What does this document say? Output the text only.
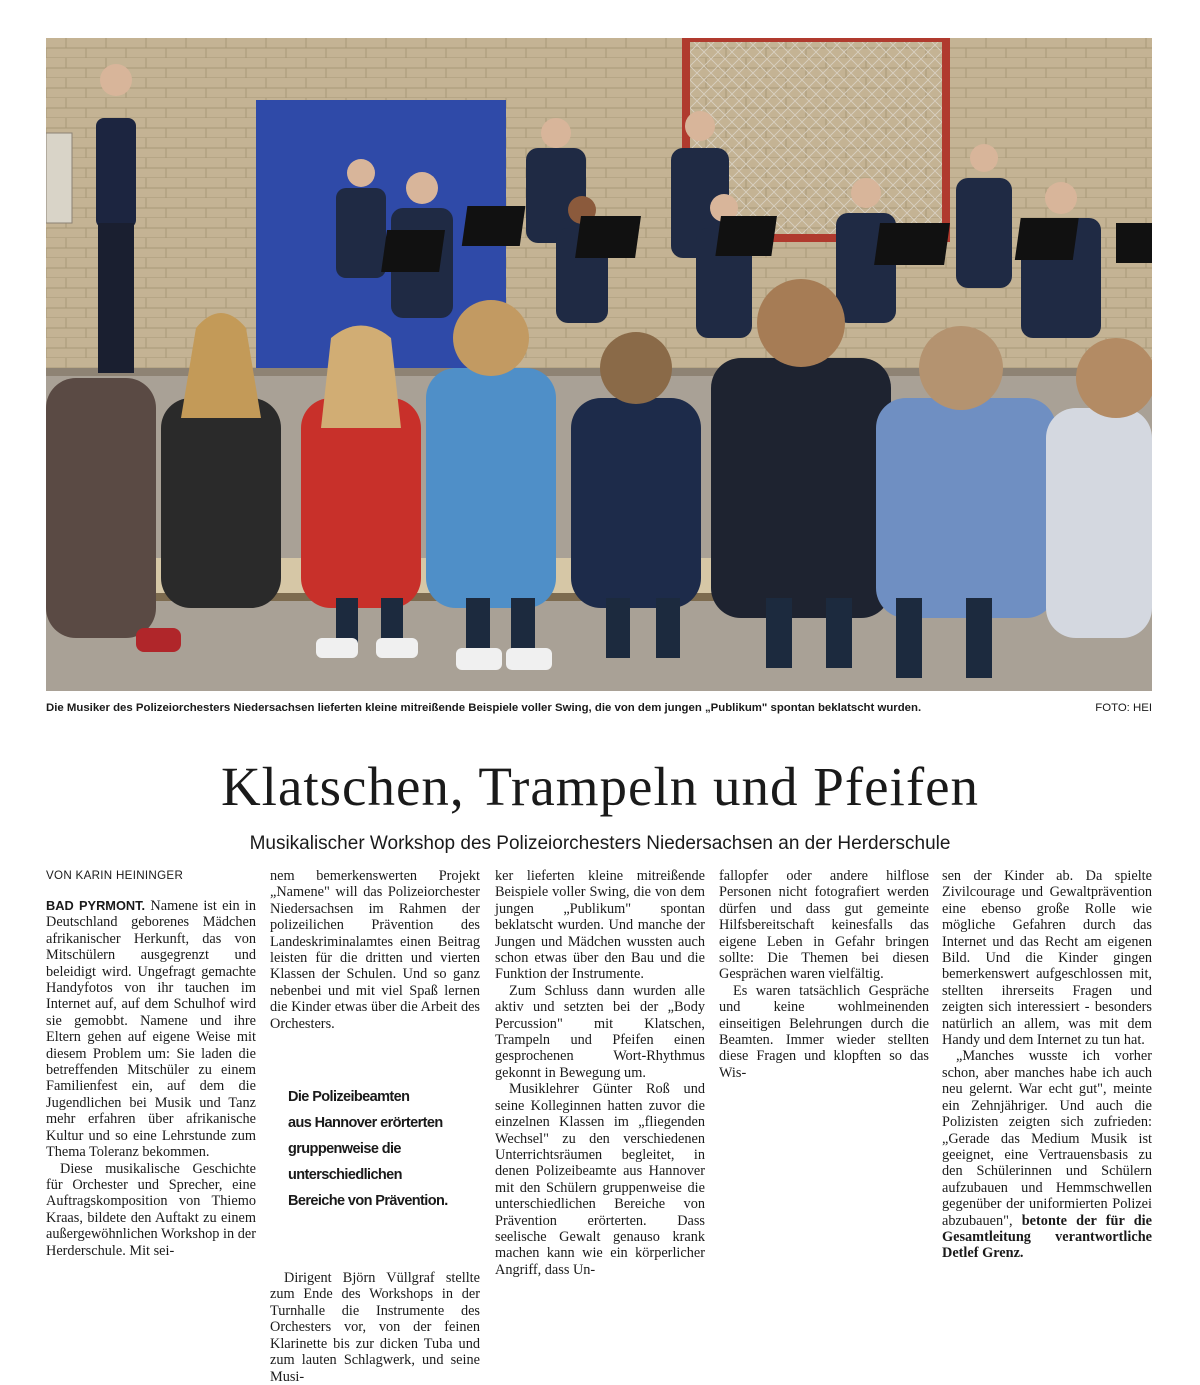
Die Musiker des Polizeiorchesters Niedersachsen lieferten kleine mitreißende Beispiele voller Swing, die von dem jungen „Publikum" spontan beklatscht wurden.	FOTO: HEI
Klatschen, Trampeln und Pfeifen
Musikalischer Workshop des Polizeiorchesters Niedersachsen an der Herderschule
VON KARIN HEININGER

BAD PYRMONT. Namene ist ein in Deutschland geborenes Mädchen afrikanischer Herkunft, das von Mitschülern ausgegrenzt und beleidigt wird. Ungefragt gemachte Handyfotos von ihr tauchen im Internet auf, auf dem Schulhof wird sie gemobbt. Namene und ihre Eltern gehen auf eigene Weise mit diesem Problem um: Sie laden die betreffenden Mitschüler zu einem Familienfest ein, auf dem die Jugendlichen bei Musik und Tanz mehr erfahren über afrikanische Kultur und so eine Lehrstunde zum Thema Toleranz bekommen.

Diese musikalische Geschichte für Orchester und Sprecher, eine Auftragskomposition von Thiemo Kraas, bildete den Auftakt zu einem außergewöhnlichen Workshop in der Herderschule. Mit sei-

nem bemerkenswerten Projekt „Namene" will das Polizeiorchester Niedersachsen im Rahmen der polizeilichen Prävention des Landeskriminalamtes einen Beitrag leisten für die dritten und vierten Klassen der Schulen. Und so ganz nebenbei und mit viel Spaß lernen die Kinder etwas über die Arbeit des Orchesters.

Die Polizeibeamten
aus Hannover erörterten
gruppenweise die
unterschiedlichen
Bereiche von Prävention.

Dirigent Björn Vüllgraf stellte zum Ende des Workshops in der Turnhalle die Instrumente des Orchesters vor, von der feinen Klarinette bis zur dicken Tuba und zum lauten Schlagwerk, und seine Musi-

ker lieferten kleine mitreißende Beispiele voller Swing, die von dem jungen „Publikum" spontan beklatscht wurden. Und manche der Jungen und Mädchen wussten auch schon etwas über den Bau und die Funktion der Instrumente.

Zum Schluss dann wurden alle aktiv und setzten bei der „Body Percussion" mit Klatschen, Trampeln und Pfeifen einen gesprochenen Wort-Rhythmus gekonnt in Bewegung um.

Musiklehrer Günter Roß und seine Kolleginnen hatten zuvor die einzelnen Klassen im „fliegenden Wechsel" zu den verschiedenen Unterrichtsräumen begleitet, in denen Polizeibeamte aus Hannover mit den Schülern gruppenweise die unterschiedlichen Bereiche von Prävention erörterten. Dass seelische Gewalt genauso krank machen kann wie ein körperlicher Angriff, dass Un-

fallopfer oder andere hilflose Personen nicht fotografiert werden dürfen und dass gut gemeinte Hilfsbereitschaft keinesfalls das eigene Leben in Gefahr bringen sollte: Die Themen bei diesen Gesprächen waren vielfältig.

Es waren tatsächlich Gespräche und keine wohlmeinenden einseitigen Belehrungen durch die Beamten. Immer wieder stellten diese Fragen und klopften so das Wis-

sen der Kinder ab. Da spielte Zivilcourage und Gewaltprävention eine ebenso große Rolle wie mögliche Gefahren durch das Internet und das Recht am eigenen Bild. Und die Kinder gingen bemerkenswert aufgeschlossen mit, stellten ihrerseits Fragen und zeigten sich interessiert - besonders natürlich an allem, was mit dem Handy und dem Internet zu tun hat.

„Manches wusste ich vorher schon, aber manches habe ich auch neu gelernt. War echt gut", meinte ein Zehnjähriger. Und auch die Polizisten zeigten sich zufrieden: „Gerade das Medium Musik ist geeignet, eine Vertrauensbasis zu den Schülerinnen und Schülern aufzubauen und Hemmschwellen gegenüber der uniformierten Polizei abzubauen", betonte der für die Gesamtleitung verantwortliche Detlef Grenz.
